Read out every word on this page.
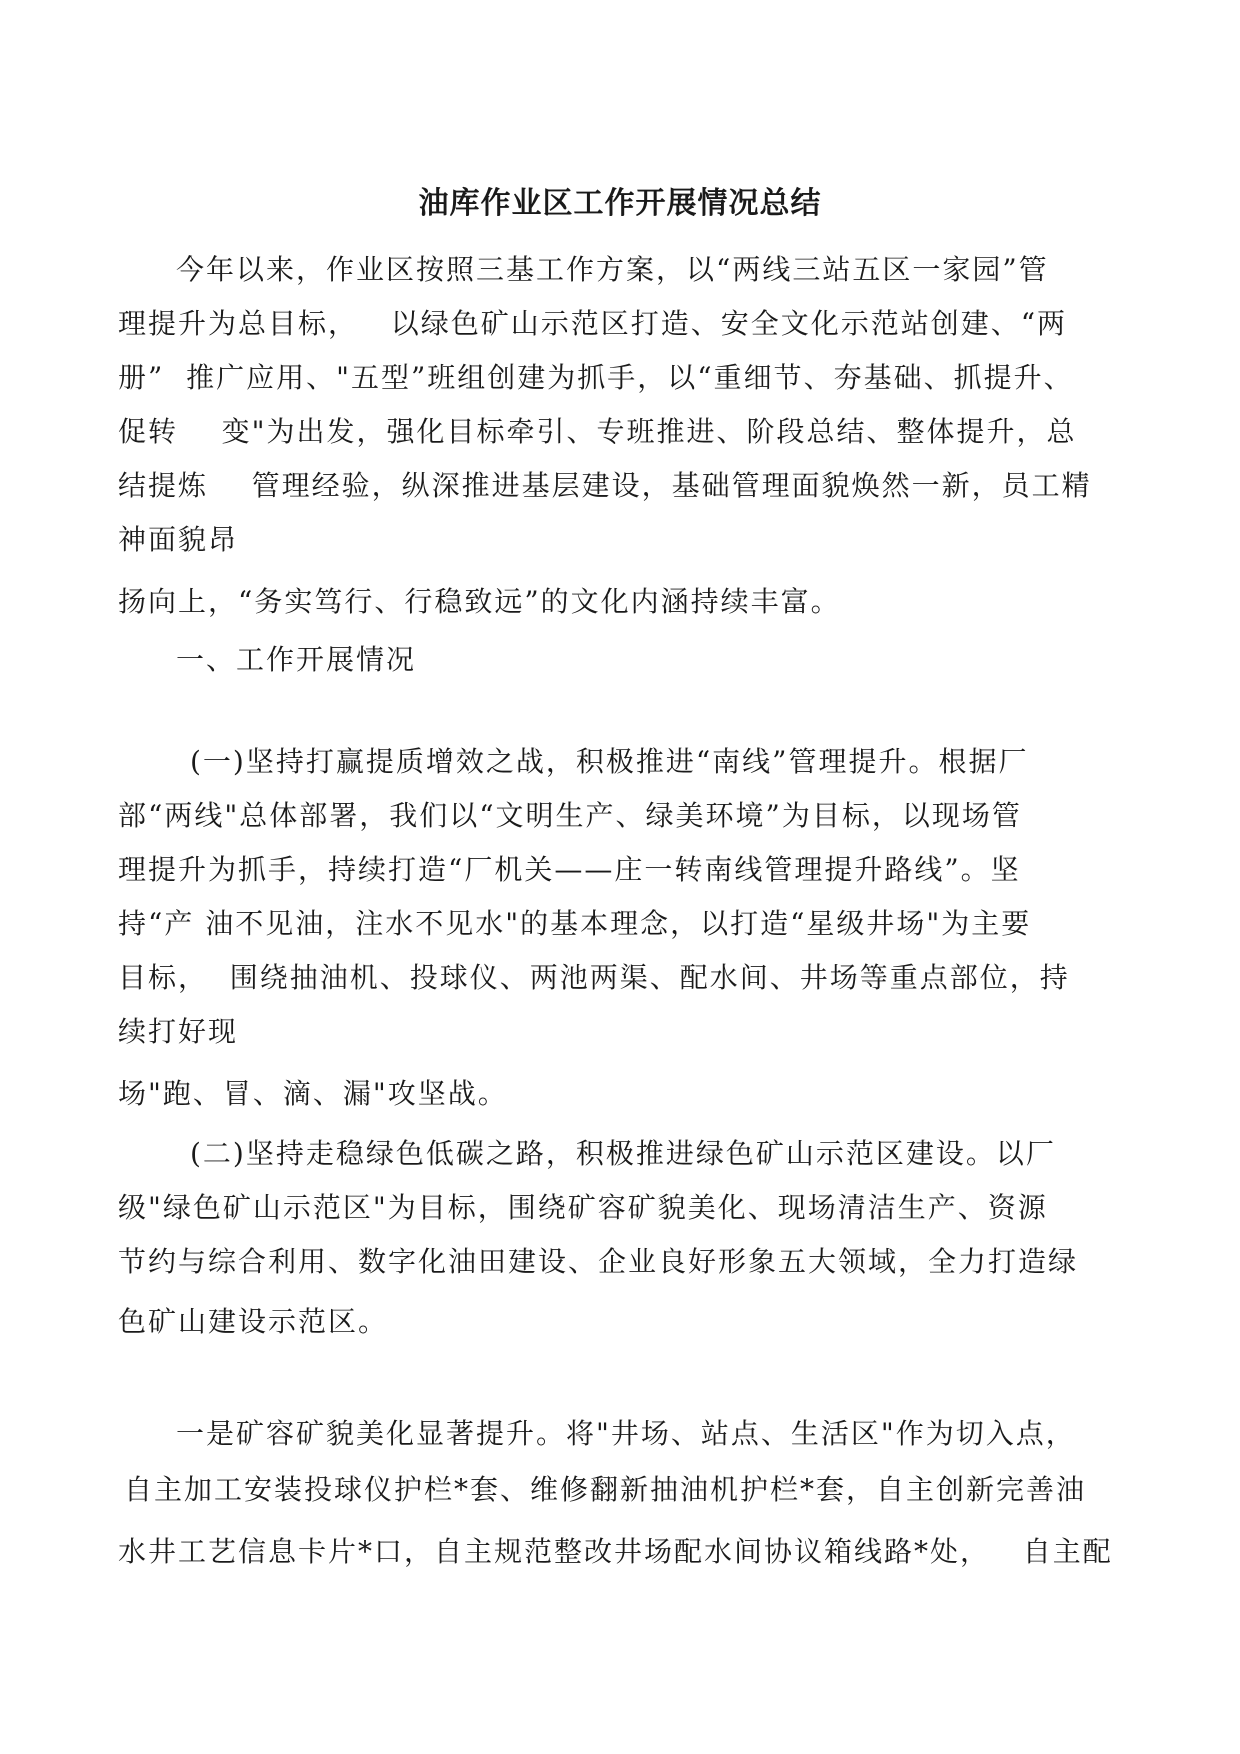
油库作业区工作开展情况总结

今年以来，作业区按照三基工作方案，以“两线三站五区一家园”管

理提升为总目标，   以绿色矿山示范区打造、安全文化示范站创建、“两

册”  推广应用、"五型”班组创建为抓手，以“重细节、夯基础、抓提升、

促转    变"为出发，强化目标牵引、专班推进、阶段总结、整体提升，总

结提炼    管理经验，纵深推进基层建设，基础管理面貌焕然一新，员工精

神面貌昂

扬向上，“务实笃行、行稳致远”的文化内涵持续丰富。

一、工作开展情况

(一)坚持打赢提质增效之战，积极推进“南线”管理提升。根据厂

部“两线"总体部署，我们以“文明生产、绿美环境”为目标，以现场管

理提升为抓手，持续打造“厂机关——庄一转南线管理提升路线”。坚

持“产 油不见油，注水不见水"的基本理念，以打造“星级井场"为主要

目标，  围绕抽油机、投球仪、两池两渠、配水间、井场等重点部位，持

续打好现

场"跑、冒、滴、漏"攻坚战。

(二)坚持走稳绿色低碳之路，积极推进绿色矿山示范区建设。以厂

级"绿色矿山示范区"为目标，围绕矿容矿貌美化、现场清洁生产、资源

节约与综合利用、数字化油田建设、企业良好形象五大领域，全力打造绿

色矿山建设示范区。

一是矿容矿貌美化显著提升。将"井场、站点、生活区"作为切入点，

自主加工安装投球仪护栏*套、维修翻新抽油机护栏*套，自主创新完善油

水井工艺信息卡片*口，自主规范整改井场配水间协议箱线路*处，   自主配
